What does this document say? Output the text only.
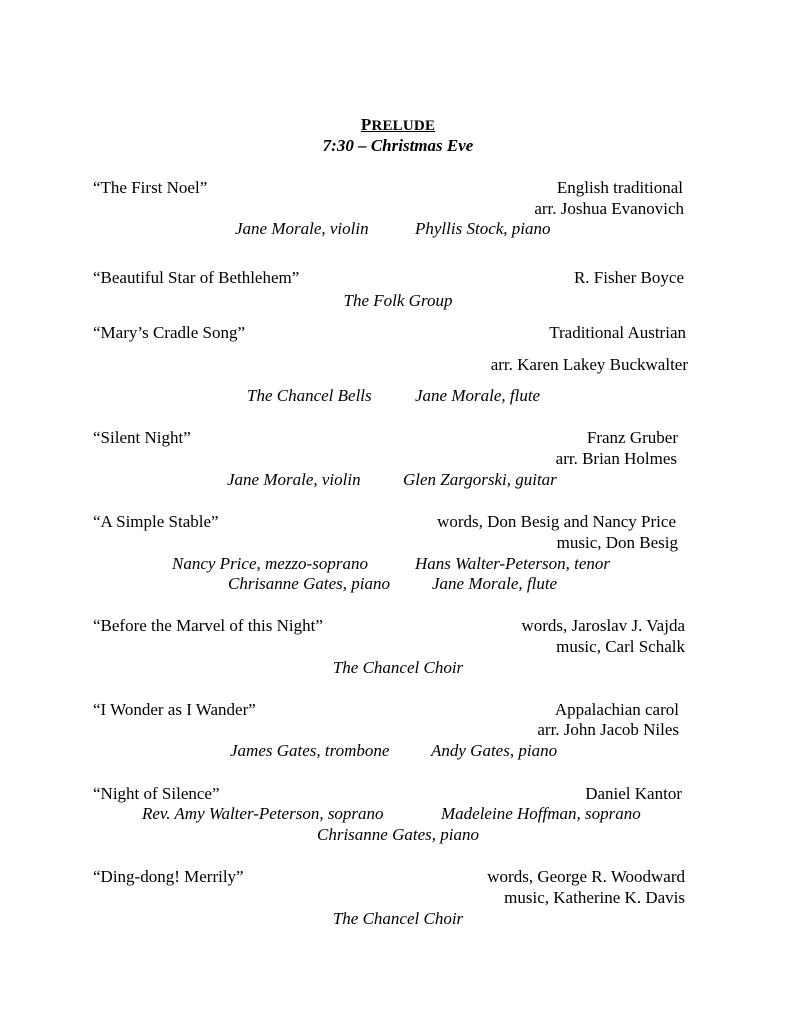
PRELUDE
7:30 – Christmas Eve
“The First Noel”	English traditional
arr. Joshua Evanovich
Jane Morale, violin	Phyllis Stock, piano
“Beautiful Star of Bethlehem”	R. Fisher Boyce
The Folk Group
“Mary’s Cradle Song”	Traditional Austrian
arr. Karen Lakey Buckwalter
The Chancel Bells	Jane Morale, flute
“Silent Night”	Franz Gruber
arr. Brian Holmes
Jane Morale, violin Glen Zargorski, guitar
“A Simple Stable”	words, Don Besig and Nancy Price
music, Don Besig
Nancy Price, mezzo-soprano	Hans Walter-Peterson, tenor
Chrisanne Gates, piano Jane Morale, flute
“Before the Marvel of this Night”	words, Jaroslav J. Vajda
music, Carl Schalk
The Chancel Choir
“I Wonder as I Wander”	Appalachian carol
arr. John Jacob Niles
James Gates, trombone Andy Gates, piano
“Night of Silence”	Daniel Kantor
Rev. Amy Walter-Peterson, soprano	Madeleine Hoffman, soprano
Chrisanne Gates, piano
“Ding-dong! Merrily”	words, George R. Woodward
music, Katherine K. Davis
The Chancel Choir
